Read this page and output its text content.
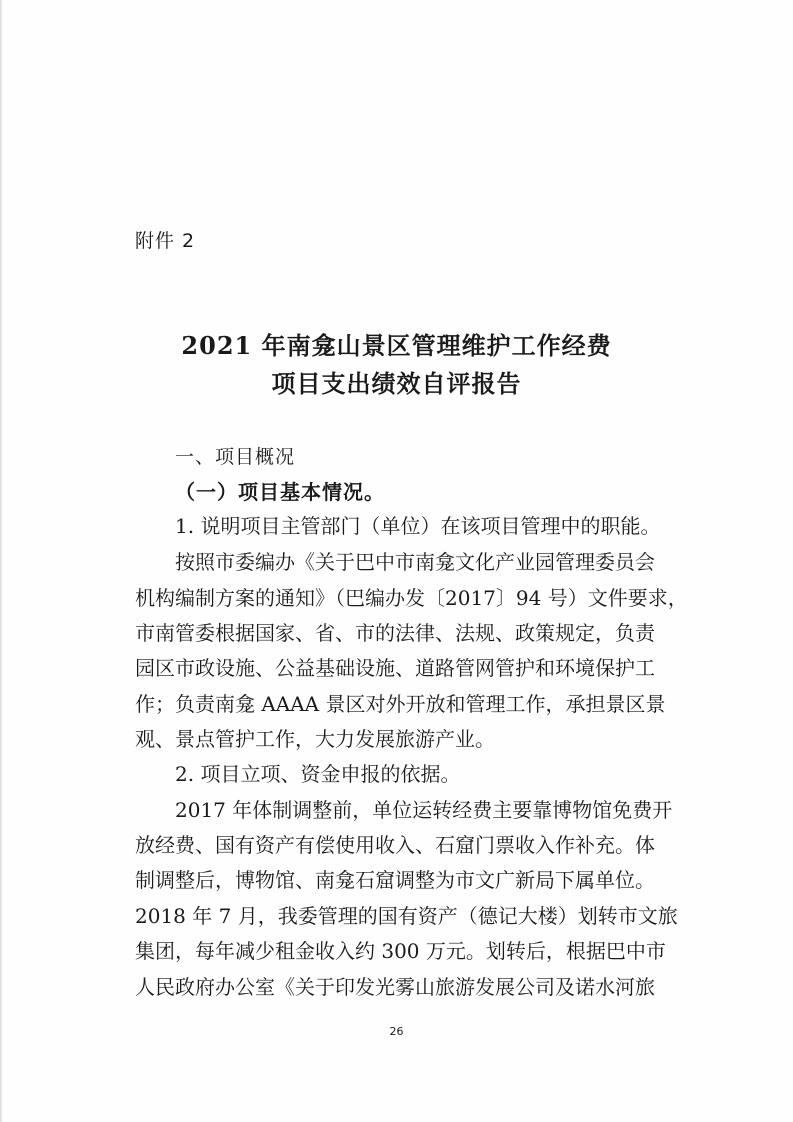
附件 2
2021 年南龛山景区管理维护工作经费
项目支出绩效自评报告
一、项目概况
（一）项目基本情况。
1. 说明项目主管部门（单位）在该项目管理中的职能。
按照市委编办《关于巴中市南龛文化产业园管理委员会
机构编制方案的通知》（巴编办发〔2017〕94 号）文件要求，
市南管委根据国家、省、市的法律、法规、政策规定，负责
园区市政设施、公益基础设施、道路管网管护和环境保护工
作；负责南龛 AAAA 景区对外开放和管理工作，承担景区景
观、景点管护工作，大力发展旅游产业。
2. 项目立项、资金申报的依据。
2017 年体制调整前，单位运转经费主要靠博物馆免费开
放经费、国有资产有偿使用收入、石窟门票收入作补充。体
制调整后，博物馆、南龛石窟调整为市文广新局下属单位。
2018 年 7 月，我委管理的国有资产（德记大楼）划转市文旅
集团，每年减少租金收入约 300 万元。划转后，根据巴中市
人民政府办公室《关于印发光雾山旅游发展公司及诺水河旅
26
